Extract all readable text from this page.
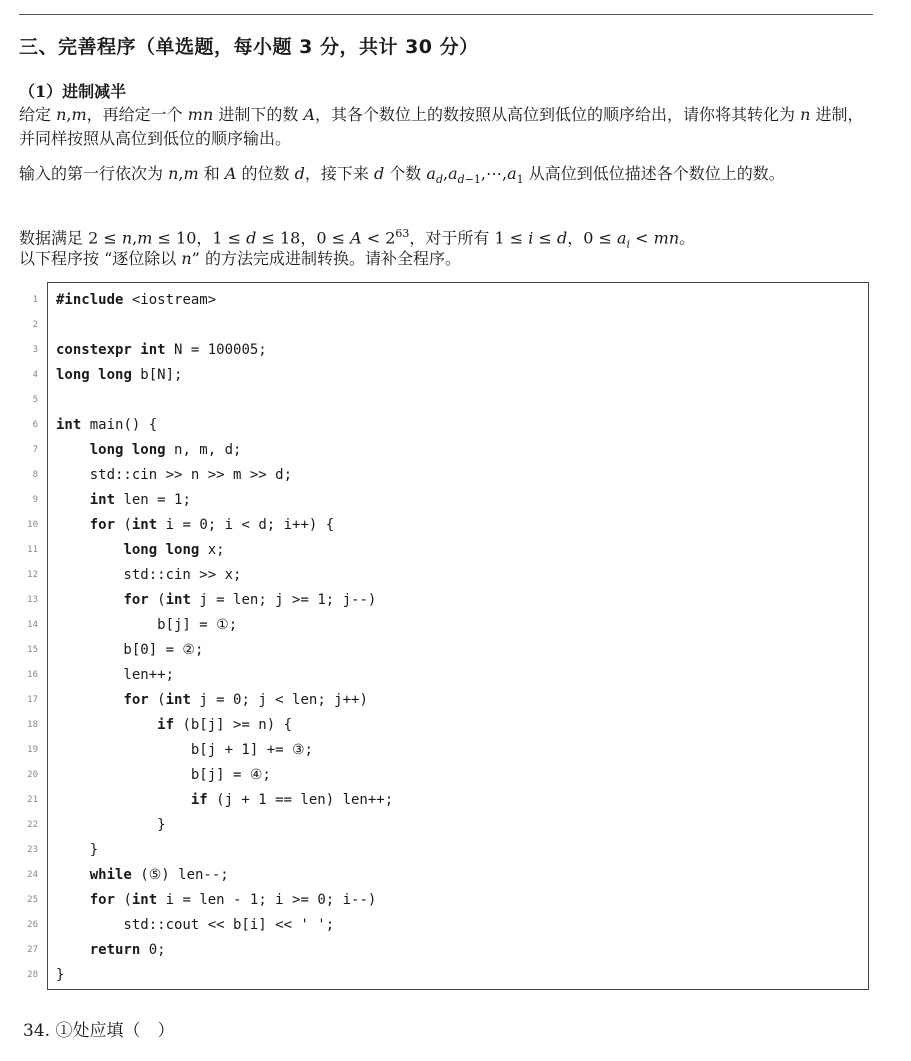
三、完善程序（单选题，每小题 3 分，共计 30 分）
（1）进制减半
给定 n,m，再给定一个 mn 进制下的数 A，其各个数位上的数按照从高位到低位的顺序给出，请你将其转化为 n 进制，并同样按照从高位到低位的顺序输出。
输入的第一行依次为 n,m 和 A 的位数 d，接下来 d 个数 $a_d,a_{d-1},\cdots,a_1$ 从高位到低位描述各个数位上的数。
数据满足 2 ≤ n,m ≤ 10，1 ≤ d ≤ 18，$0 \le A < 2^{63}$，对于所有 1 ≤ i ≤ d，$0 \le a_i$ < mn。
以下程序按 “逐位除以 n” 的方法完成进制转换。请补全程序。
1 #include <iostream>
2
3 constexpr int N = 100005;
4 long long b[N];
5
6 int main() {
7	long long n, m, d;
8 std::cin >> n >> m >> d;
9	int len = 1;
10	for (int i = 0; i < d; i++) {
11	long long x;
12 std::cin >> x;
13	for (int j = len; j >= 1; j--)
14 b[j] = ①;
15 b[0] = ②;
16 len++;
17	for (int j = 0; j < len; j++)
18	if (b[j] >= n) {
19 b[j + 1] += ③;
20 b[j] = ④;
21	if (j + 1 == len) len++;
22 }
23 }
24	while (⑤) len--;
25	for (int i = len - 1; i >= 0; i--)
26 std::cout << b[i] << ' ';
27	return 0;
28 }
34. ①处应填（　）
